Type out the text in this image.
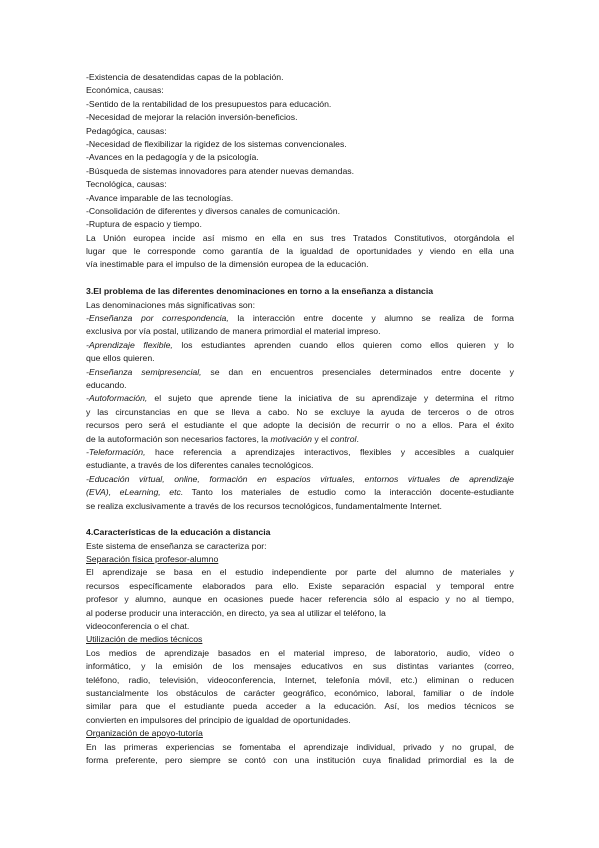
-Existencia de desatendidas capas de la población.
Económica, causas:
-Sentido de la rentabilidad de los presupuestos para educación.
-Necesidad de mejorar la relación inversión-beneficios.
Pedagógica, causas:
-Necesidad de flexibilizar la rigidez de los sistemas convencionales.
-Avances en la pedagogía y de la psicología.
-Búsqueda de sistemas innovadores para atender nuevas demandas.
Tecnológica, causas:
-Avance imparable de las tecnologías.
-Consolidación de diferentes y diversos canales de comunicación.
-Ruptura de espacio y tiempo.
La Unión europea incide así mismo en ella en sus tres Tratados Constitutivos, otorgándola el
lugar que le corresponde como garantía de la igualdad de oportunidades y viendo en ella una
vía inestimable para el impulso de la dimensión europea de la educación.
3.El problema de las diferentes denominaciones en torno a la enseñanza a distancia
Las denominaciones más significativas son:
-Enseñanza por correspondencia, la interacción entre docente y alumno se realiza de forma
exclusiva por vía postal, utilizando de manera primordial el material impreso.
-Aprendizaje flexible, los estudiantes aprenden cuando ellos quieren como ellos quieren y lo
que ellos quieren.
-Enseñanza semipresencial, se dan en encuentros presenciales determinados entre docente y
educando.
-Autoformación, el sujeto que aprende tiene la iniciativa de su aprendizaje y determina el ritmo
y las circunstancias en que se lleva a cabo. No se excluye la ayuda de terceros o de otros
recursos pero será el estudiante el que adopte la decisión de recurrir o no a ellos. Para el éxito
de la autoformación son necesarios factores, la motivación y el control.
-Teleformación, hace referencia a aprendizajes interactivos, flexibles y accesibles a cualquier
estudiante, a través de los diferentes canales tecnológicos.
-Educación virtual, online, formación en espacios virtuales, entornos virtuales de aprendizaje
(EVA), eLearning, etc. Tanto los materiales de estudio como la interacción docente-estudiante
se realiza exclusivamente a través de los recursos tecnológicos, fundamentalmente Internet.
4.Características de la educación a distancia
Este sistema de enseñanza se caracteriza por:
Separación física profesor-alumno
El aprendizaje se basa en el estudio independiente por parte del alumno de materiales y
recursos específicamente elaborados para ello. Existe separación espacial y temporal entre
profesor y alumno, aunque en ocasiones puede hacer referencia sólo al espacio y no al tiempo,
al poderse producir una interacción, en directo, ya sea al utilizar el teléfono, la
videoconferencia o el chat.
Utilización de medios técnicos
Los medios de aprendizaje basados en el material impreso, de laboratorio, audio, vídeo o
informático, y la emisión de los mensajes educativos en sus distintas variantes (correo,
teléfono, radio, televisión, videoconferencia, Internet, telefonía móvil, etc.) eliminan o reducen
sustancialmente los obstáculos de carácter geográfico, económico, laboral, familiar o de índole
similar para que el estudiante pueda acceder a la educación. Así, los medios técnicos se
convierten en impulsores del principio de igualdad de oportunidades.
Organización de apoyo-tutoría
En las primeras experiencias se fomentaba el aprendizaje individual, privado y no grupal, de
forma preferente, pero siempre se contó con una institución cuya finalidad primordial es la de
